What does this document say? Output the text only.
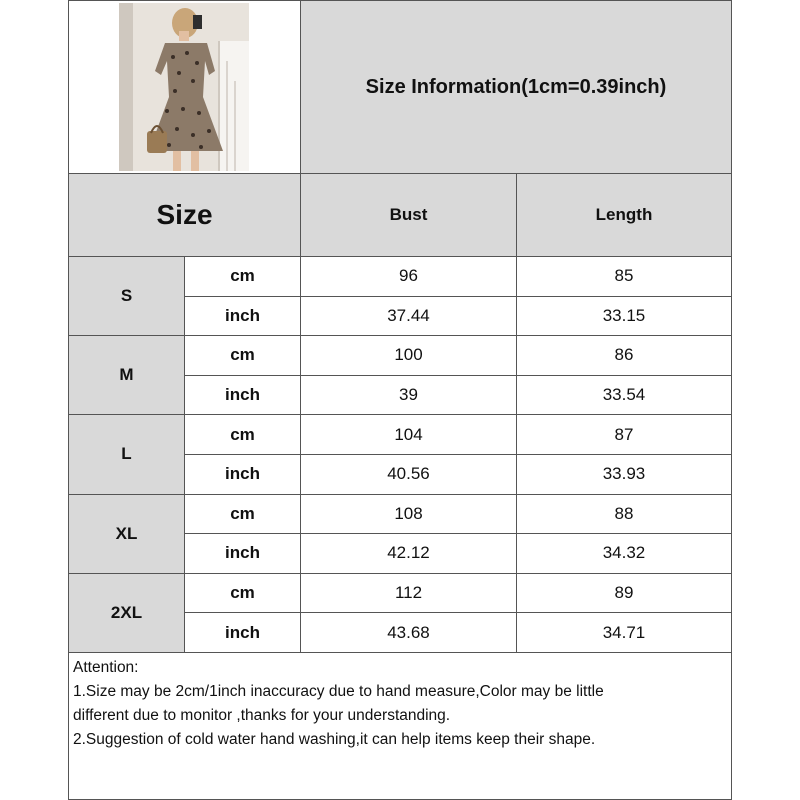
Size Information(1cm=0.39inch)
Size	Bust	Length
S
cm	96	85
inch	37.44	33.15
M
cm	100	86
inch	39	33.54
L
cm	104	87
inch	40.56	33.93
XL
cm	108	88
inch	42.12	34.32
2XL
cm	112	89
inch	43.68	34.71
Attention:
1.Size may be 2cm/1inch inaccuracy due to hand measure,Color may be little
different due to monitor ,thanks for your understanding.
2.Suggestion of cold water hand washing,it can help items keep their shape.
